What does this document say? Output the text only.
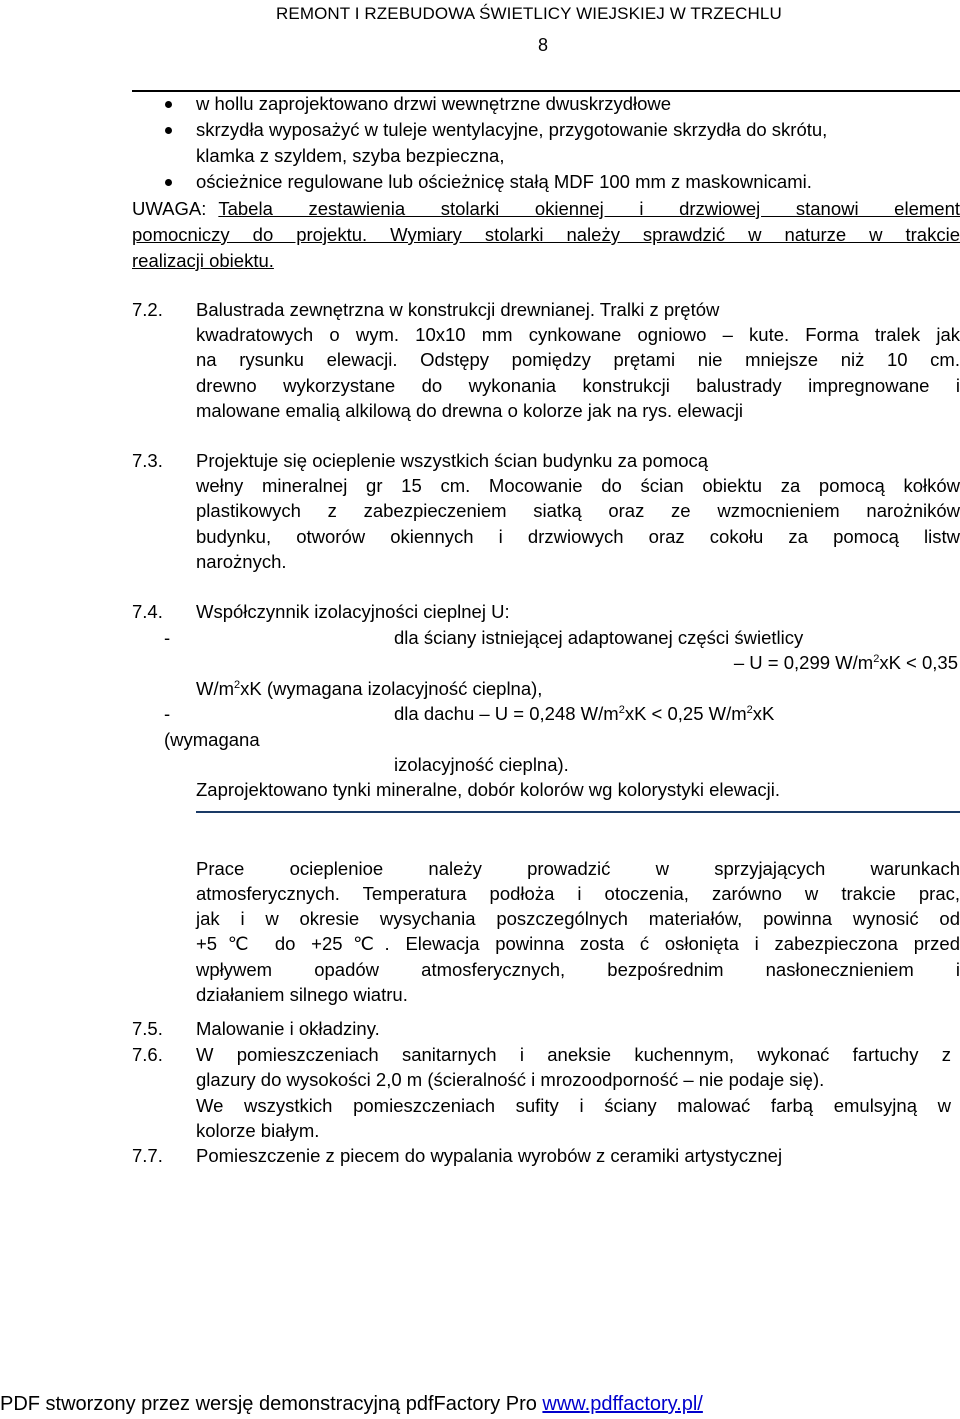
REMONT I RZEBUDOWA ŚWIETLICY WIEJSKIEJ W TRZECHLU
8
w hollu zaprojektowano drzwi wewnętrzne dwuskrzydłowe
skrzydła wyposażyć w tuleje wentylacyjne, przygotowanie skrzydła do skrótu,
klamka z szyldem, szyba bezpieczna,
ościeżnice regulowane lub ościeżnicę stałą MDF 100 mm z maskownicami.
UWAGA: Tabela zestawienia stolarki okiennej i drzwiowej stanowi element
pomocniczy do projektu. Wymiary stolarki należy sprawdzić w naturze w trakcie
realizacji obiektu.
7.2. Balustrada zewnętrzna w konstrukcji drewnianej. Tralki z prętów
kwadratowych o wym. 10x10 mm cynkowane ogniowo – kute. Forma tralek jak
na rysunku elewacji. Odstępy pomiędzy prętami nie mniejsze niż 10 cm.
drewno wykorzystane do wykonania konstrukcji balustrady impregnowane i
malowane emalią alkilową do drewna o kolorze jak na rys. elewacji
7.3. Projektuje się ocieplenie wszystkich ścian budynku za pomocą
wełny mineralnej gr 15 cm. Mocowanie do ścian obiektu za pomocą kołków
plastikowych z zabezpieczeniem siatką oraz ze wzmocnieniem narożników
budynku, otworów okiennych i drzwiowych oraz cokołu za pomocą listw
narożnych.
7.4. Współczynnik izolacyjności cieplnej U:
-	dla ściany istniejącej adaptowanej części świetlicy
– U = 0,299 $W/m^2xK < 0,35$
$W/m^2xK$ (wymagana izolacyjność cieplna),
-	dla dachu – U = 0,248 $W/m^2xK < 0,25$ $W/m^2xK$
(wymagana
izolacyjność cieplna).
Zaprojektowano tynki mineralne, dobór kolorów wg kolorystyki elewacji.
Prace ocieplenioe należy prowadzić w sprzyjających warunkach
atmosferycznych. Temperatura podłoża i otoczenia, zarówno w trakcie prac,
jak i w okresie wysychania poszczególnych materiałów, powinna wynosić od
+5℃ do +25℃. Elewacja powinna zosta ć osłonięta i zabezpieczona przed
wpływem opadów atmosferycznych, bezpośrednim nasłonecznieniem i
działaniem silnego wiatru.
7.5. Malowanie i okładziny.
7.6. W pomieszczeniach sanitarnych i aneksie kuchennym, wykonać fartuchy z
glazury do wysokości 2,0 m (ścieralność i mrozoodporność – nie podaje się).
We wszystkich pomieszczeniach sufity i ściany malować farbą emulsyjną w
kolorze białym.
7.7. Pomieszczenie z piecem do wypalania wyrobów z ceramiki artystycznej
PDF stworzony przez wersję demonstracyjną pdfFactory Pro www.pdffactory.pl/
